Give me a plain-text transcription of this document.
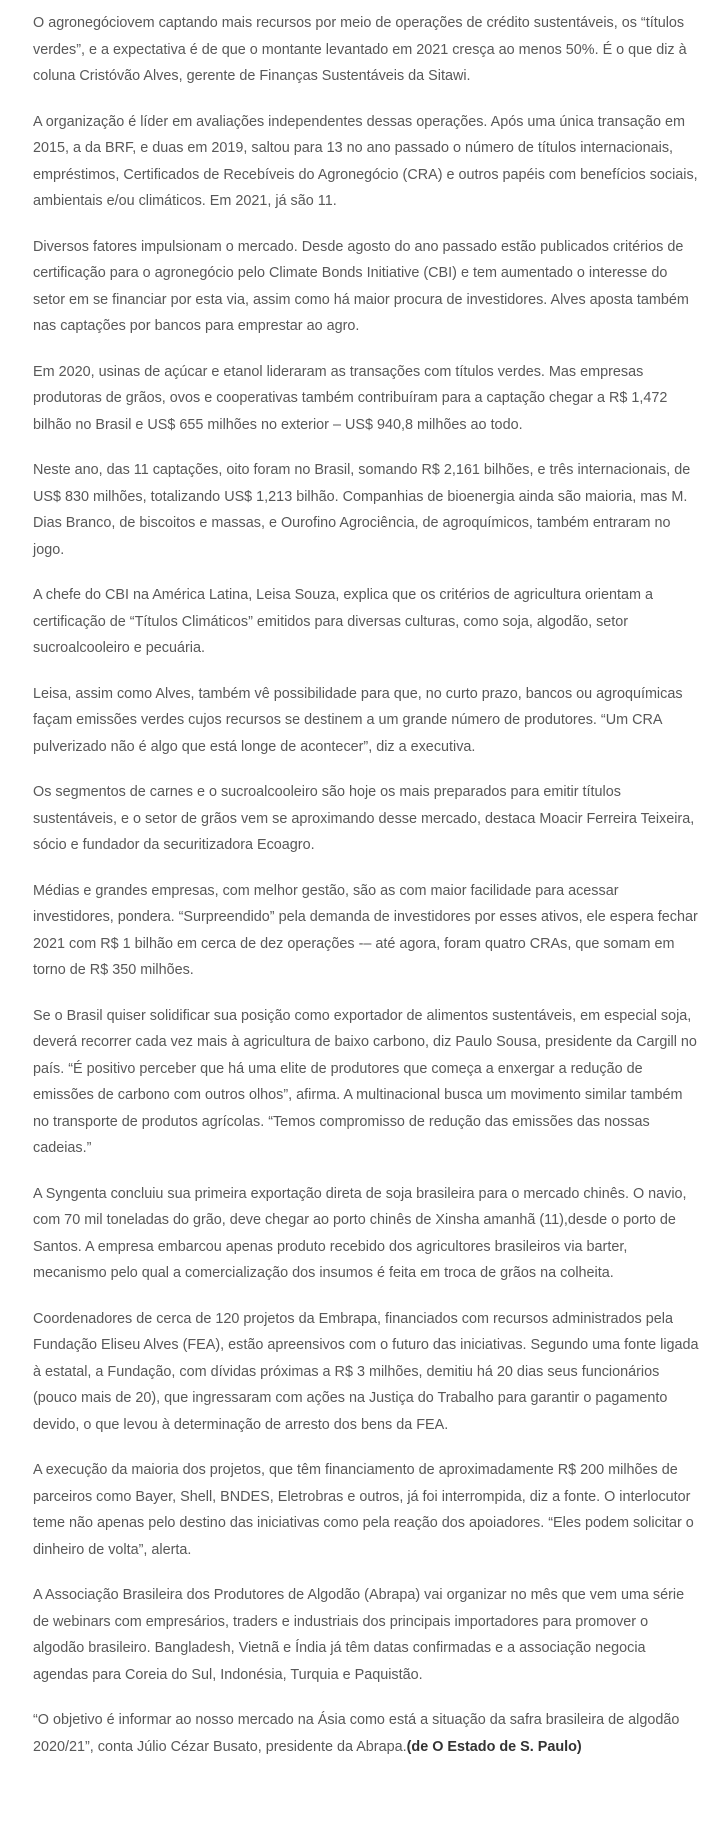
O agronegóciovem captando mais recursos por meio de operações de crédito sustentáveis, os “títulos verdes”, e a expectativa é de que o montante levantado em 2021 cresça ao menos 50%. É o que diz à coluna Cristóvão Alves, gerente de Finanças Sustentáveis da Sitawi.

A organização é líder em avaliações independentes dessas operações. Após uma única transação em 2015, a da BRF, e duas em 2019, saltou para 13 no ano passado o número de títulos internacionais, empréstimos, Certificados de Recebíveis do Agronegócio (CRA) e outros papéis com benefícios sociais, ambientais e/ou climáticos. Em 2021, já são 11.

Diversos fatores impulsionam o mercado. Desde agosto do ano passado estão publicados critérios de certificação para o agronegócio pelo Climate Bonds Initiative (CBI) e tem aumentado o interesse do setor em se financiar por esta via, assim como há maior procura de investidores. Alves aposta também nas captações por bancos para emprestar ao agro.

Em 2020, usinas de açúcar e etanol lideraram as transações com títulos verdes. Mas empresas produtoras de grãos, ovos e cooperativas também contribuíram para a captação chegar a R$ 1,472 bilhão no Brasil e US$ 655 milhões no exterior – US$ 940,8 milhões ao todo.

Neste ano, das 11 captações, oito foram no Brasil, somando R$ 2,161 bilhões, e três internacionais, de US$ 830 milhões, totalizando US$ 1,213 bilhão. Companhias de bioenergia ainda são maioria, mas M. Dias Branco, de biscoitos e massas, e Ourofino Agrociência, de agroquímicos, também entraram no jogo.

A chefe do CBI na América Latina, Leisa Souza, explica que os critérios de agricultura orientam a certificação de “Títulos Climáticos” emitidos para diversas culturas, como soja, algodão, setor sucroalcooleiro e pecuária.

Leisa, assim como Alves, também vê possibilidade para que, no curto prazo, bancos ou agroquímicas façam emissões verdes cujos recursos se destinem a um grande número de produtores. “Um CRA pulverizado não é algo que está longe de acontecer”, diz a executiva.

Os segmentos de carnes e o sucroalcooleiro são hoje os mais preparados para emitir títulos sustentáveis, e o setor de grãos vem se aproximando desse mercado, destaca Moacir Ferreira Teixeira, sócio e fundador da securitizadora Ecoagro.

Médias e grandes empresas, com melhor gestão, são as com maior facilidade para acessar investidores, pondera. “Surpreendido” pela demanda de investidores por esses ativos, ele espera fechar 2021 com R$ 1 bilhão em cerca de dez operações -– até agora, foram quatro CRAs, que somam em torno de R$ 350 milhões.

Se o Brasil quiser solidificar sua posição como exportador de alimentos sustentáveis, em especial soja, deverá recorrer cada vez mais à agricultura de baixo carbono, diz Paulo Sousa, presidente da Cargill no país. “É positivo perceber que há uma elite de produtores que começa a enxergar a redução de emissões de carbono com outros olhos”, afirma. A multinacional busca um movimento similar também no transporte de produtos agrícolas. “Temos compromisso de redução das emissões das nossas cadeias.”

A Syngenta concluiu sua primeira exportação direta de soja brasileira para o mercado chinês. O navio, com 70 mil toneladas do grão, deve chegar ao porto chinês de Xinsha amanhã (11),desde o porto de Santos. A empresa embarcou apenas produto recebido dos agricultores brasileiros via barter, mecanismo pelo qual a comercialização dos insumos é feita em troca de grãos na colheita.

Coordenadores de cerca de 120 projetos da Embrapa, financiados com recursos administrados pela Fundação Eliseu Alves (FEA), estão apreensivos com o futuro das iniciativas. Segundo uma fonte ligada à estatal, a Fundação, com dívidas próximas a R$ 3 milhões, demitiu há 20 dias seus funcionários (pouco mais de 20), que ingressaram com ações na Justiça do Trabalho para garantir o pagamento devido, o que levou à determinação de arresto dos bens da FEA.

A execução da maioria dos projetos, que têm financiamento de aproximadamente R$ 200 milhões de parceiros como Bayer, Shell, BNDES, Eletrobras e outros, já foi interrompida, diz a fonte. O interlocutor teme não apenas pelo destino das iniciativas como pela reação dos apoiadores. “Eles podem solicitar o dinheiro de volta”, alerta.

A Associação Brasileira dos Produtores de Algodão (Abrapa) vai organizar no mês que vem uma série de webinars com empresários, traders e industriais dos principais importadores para promover o algodão brasileiro. Bangladesh, Vietnã e Índia já têm datas confirmadas e a associação negocia agendas para Coreia do Sul, Indonésia, Turquia e Paquistão.

“O objetivo é informar ao nosso mercado na Ásia como está a situação da safra brasileira de algodão 2020/21”, conta Júlio Cézar Busato, presidente da Abrapa.(de O Estado de S. Paulo)
